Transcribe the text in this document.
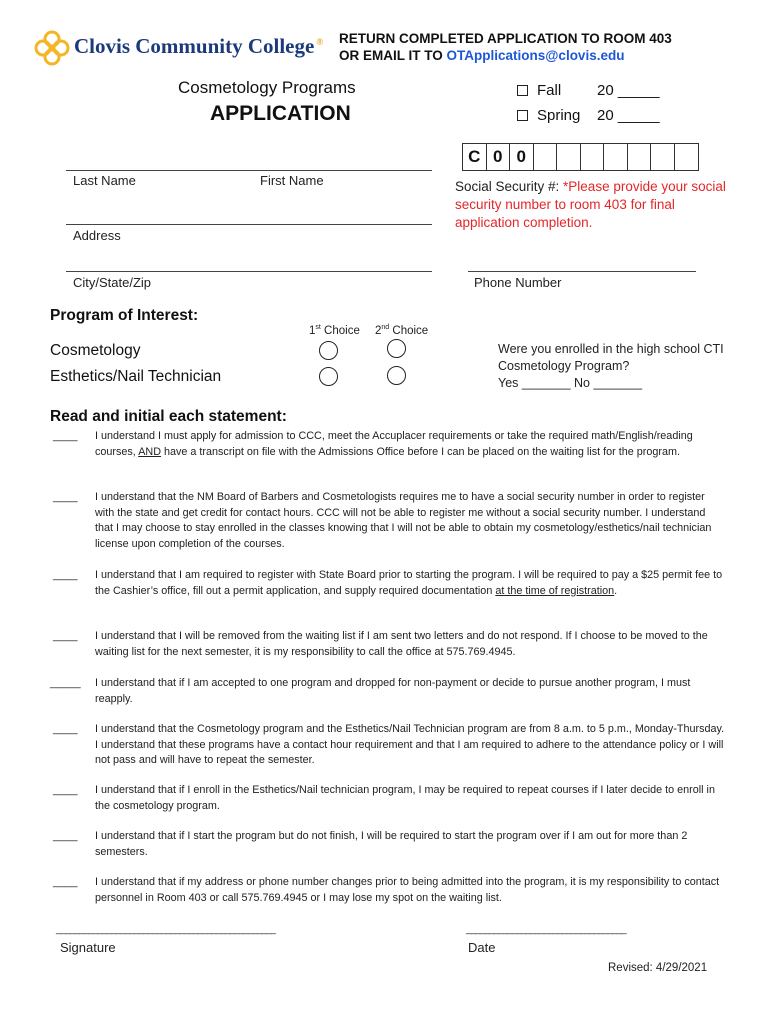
Clovis Community College ® RETURN COMPLETED APPLICATION TO ROOM 403
OR EMAIL IT TO OTApplications@clovis.edu
Cosmetology Programs
APPLICATION
Fall 20 _____
Spring 20 _____
C 0 0
Last Name	First Name
Address
City/State/Zip	Phone Number
Social Security #: *Please provide your social security number to room 403 for final application completion.
Program of Interest:
1st Choice 2nd Choice
Cosmetology
Esthetics/Nail Technician
Were you enrolled in the high school CTI Cosmetology Program?
Yes _______ No _______
Read and initial each statement:
____ I understand I must apply for admission to CCC, meet the Accuplacer requirements or take the required math/English/reading courses, AND have a transcript on file with the Admissions Office before I can be placed on the waiting list for the program.
____ I understand that the NM Board of Barbers and Cosmetologists requires me to have a social security number in order to register with the state and get credit for contact hours. CCC will not be able to register me without a social security number. I understand that I may choose to stay enrolled in the classes knowing that I will not be able to obtain my cosmetology/esthetics/nail technician license upon completion of the courses.
____ I understand that I am required to register with State Board prior to starting the program. I will be required to pay a $25 permit fee to the Cashier’s office, fill out a permit application, and supply required documentation at the time of registration.
____ I understand that I will be removed from the waiting list if I am sent two letters and do not respond. If I choose to be moved to the waiting list for the next semester, it is my responsibility to call the office at 575.769.4945.
_____ I understand that if I am accepted to one program and dropped for non-payment or decide to pursue another program, I must reapply.
____ I understand that the Cosmetology program and the Esthetics/Nail Technician program are from 8 a.m. to 5 p.m., Monday-Thursday. I understand that these programs have a contact hour requirement and that I am required to adhere to the attendance policy or I will not pass and will have to repeat the semester.
____ I understand that if I enroll in the Esthetics/Nail technician program, I may be required to repeat courses if I later decide to enroll in the cosmetology program.
____ I understand that if I start the program but do not finish, I will be required to start the program over if I am out for more than 2 semesters.
____ I understand that if my address or phone number changes prior to being admitted into the program, it is my responsibility to contact personnel in Room 403 or call 575.769.4945 or I may lose my spot on the waiting list.
________________________________________________
Signature
___________________________________
Date
Revised: 4/29/2021
